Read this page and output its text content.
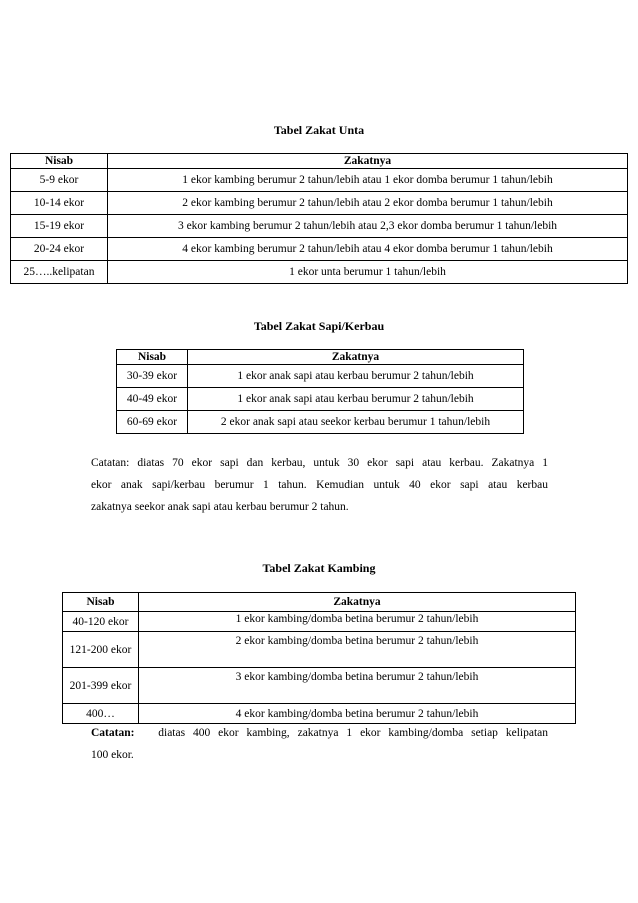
Tabel Zakat Unta
Nisab	Zakatnya
5-9 ekor	1 ekor kambing berumur 2 tahun/lebih atau 1 ekor domba berumur 1 tahun/lebih
10-14 ekor	2 ekor kambing berumur 2 tahun/lebih atau 2 ekor domba berumur 1 tahun/lebih
15-19 ekor	3 ekor kambing berumur 2 tahun/lebih atau 2,3 ekor domba berumur 1 tahun/lebih
20-24 ekor	4 ekor kambing berumur 2 tahun/lebih atau 4 ekor domba berumur 1 tahun/lebih
25…..kelipatan	1 ekor unta berumur 1 tahun/lebih
Tabel Zakat Sapi/Kerbau
Nisab	Zakatnya
30-39 ekor	1 ekor anak sapi atau kerbau berumur 2 tahun/lebih
40-49 ekor	1 ekor anak sapi atau kerbau berumur 2 tahun/lebih
60-69 ekor	2 ekor anak sapi atau seekor kerbau berumur 1 tahun/lebih
Catatan: diatas 70 ekor sapi dan kerbau, untuk 30 ekor sapi atau kerbau. Zakatnya 1
ekor anak sapi/kerbau berumur 1 tahun. Kemudian untuk 40 ekor sapi atau kerbau
zakatnya seekor anak sapi atau kerbau berumur 2 tahun.
Tabel Zakat Kambing
Nisab	Zakatnya
40-120 ekor	1 ekor kambing/domba betina berumur 2 tahun/lebih
121-200 ekor	2 ekor kambing/domba betina berumur 2 tahun/lebih
201-399 ekor	3 ekor kambing/domba betina berumur 2 tahun/lebih
400…	4 ekor kambing/domba betina berumur 2 tahun/lebih
Catatan: diatas 400 ekor kambing, zakatnya 1 ekor kambing/domba setiap kelipatan
100 ekor.
